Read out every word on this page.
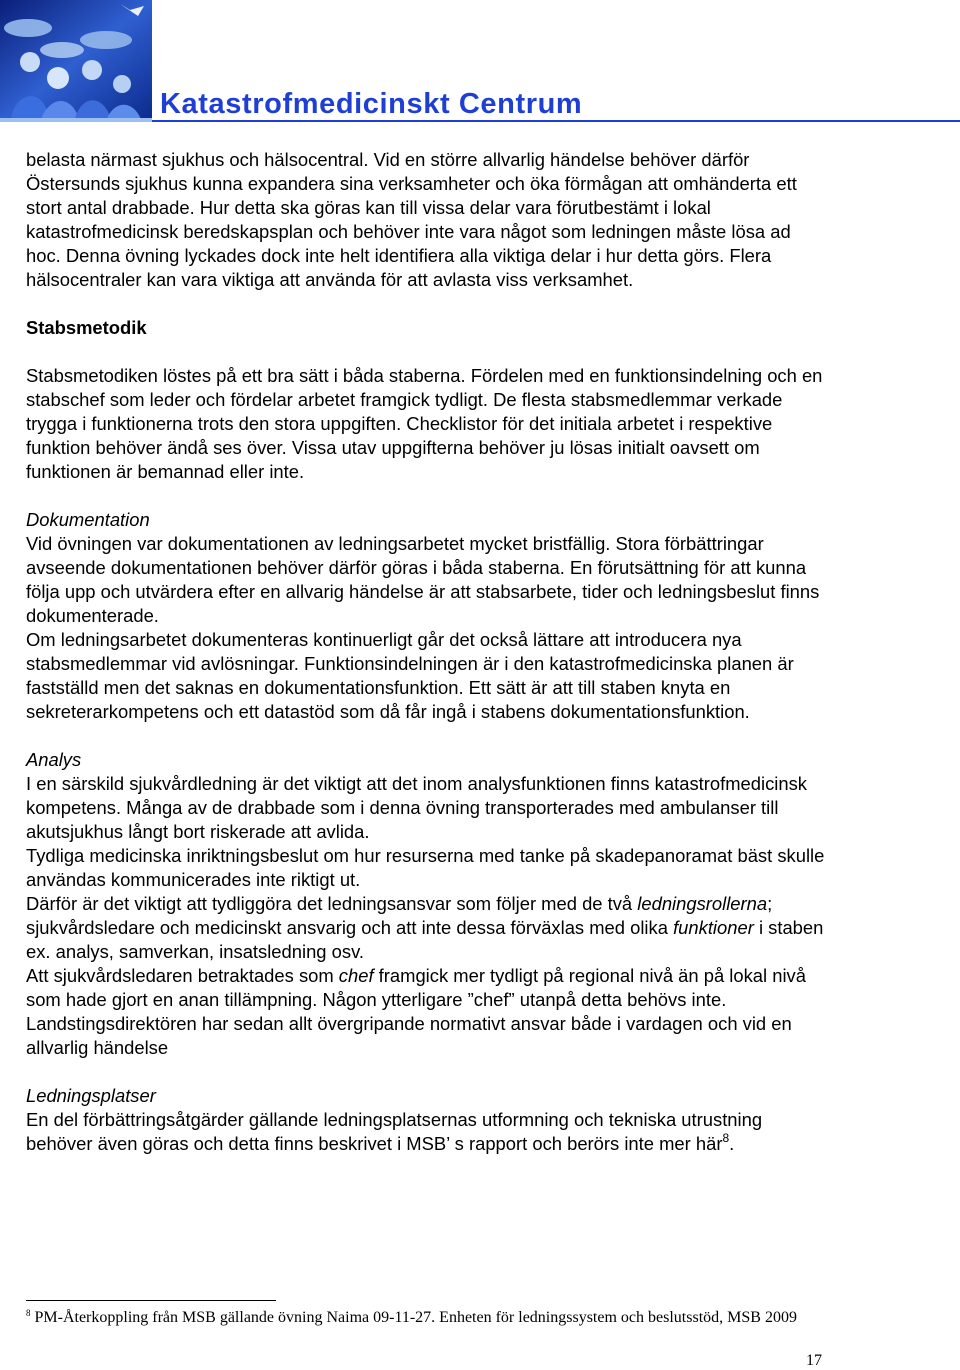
Katastrofmedicinskt Centrum

belasta närmast sjukhus och hälsocentral. Vid en större allvarlig händelse behöver därför Östersunds sjukhus kunna expandera sina verksamheter och öka förmågan att omhänderta ett stort antal drabbade. Hur detta ska göras kan till vissa delar vara förutbestämt i lokal katastrofmedicinsk beredskapsplan och behöver inte vara något som ledningen måste lösa ad hoc. Denna övning lyckades dock inte helt identifiera alla viktiga delar i hur detta görs. Flera hälsocentraler kan vara viktiga att använda för att avlasta viss verksamhet.

Stabsmetodik

Stabsmetodiken löstes på ett bra sätt i båda staberna. Fördelen med en funktionsindelning och en stabschef som leder och fördelar arbetet framgick tydligt. De flesta stabsmedlemmar verkade trygga i funktionerna trots den stora uppgiften. Checklistor för det initiala arbetet i respektive funktion behöver ändå ses över. Vissa utav uppgifterna behöver ju lösas initialt oavsett om funktionen är bemannad eller inte.

Dokumentation

Vid övningen var dokumentationen av ledningsarbetet mycket bristfällig. Stora förbättringar avseende dokumentationen behöver därför göras i båda staberna. En förutsättning för att kunna följa upp och utvärdera efter en allvarig händelse är att stabsarbete, tider och ledningsbeslut finns dokumenterade.

Om ledningsarbetet dokumenteras kontinuerligt går det också lättare att introducera nya stabsmedlemmar vid avlösningar. Funktionsindelningen är i den katastrofmedicinska planen är fastställd men det saknas en dokumentationsfunktion. Ett sätt är att till staben knyta en sekreterarkompetens och ett datastöd som då får ingå i stabens dokumentationsfunktion.

Analys

I en särskild sjukvårdledning är det viktigt att det inom analysfunktionen finns katastrofmedicinsk kompetens. Många av de drabbade som i denna övning transporterades med ambulanser till akutsjukhus långt bort riskerade att avlida.

Tydliga medicinska inriktningsbeslut om hur resurserna med tanke på skadepanoramat bäst skulle användas kommunicerades inte riktigt ut.

Därför är det viktigt att tydliggöra det ledningsansvar som följer med de två ledningsrollerna; sjukvårdsledare och medicinskt ansvarig och att inte dessa förväxlas med olika funktioner i staben ex. analys, samverkan, insatsledning osv.

Att sjukvårdsledaren betraktades som chef framgick mer tydligt på regional nivå än på lokal nivå som hade gjort en anan tillämpning. Någon ytterligare ”chef” utanpå detta behövs inte. Landstingsdirektören har sedan allt övergripande normativt ansvar både i vardagen och vid en allvarlig händelse

Ledningsplatser

En del förbättringsåtgärder gällande ledningsplatsernas utformning och tekniska utrustning behöver även göras och detta finns beskrivet i MSB’ s rapport och berörs inte mer här$^8$.

$^8$ PM-Återkoppling från MSB gällande övning Naima 09-11-27. Enheten för ledningssystem och beslutsstöd, MSB 2009
17
